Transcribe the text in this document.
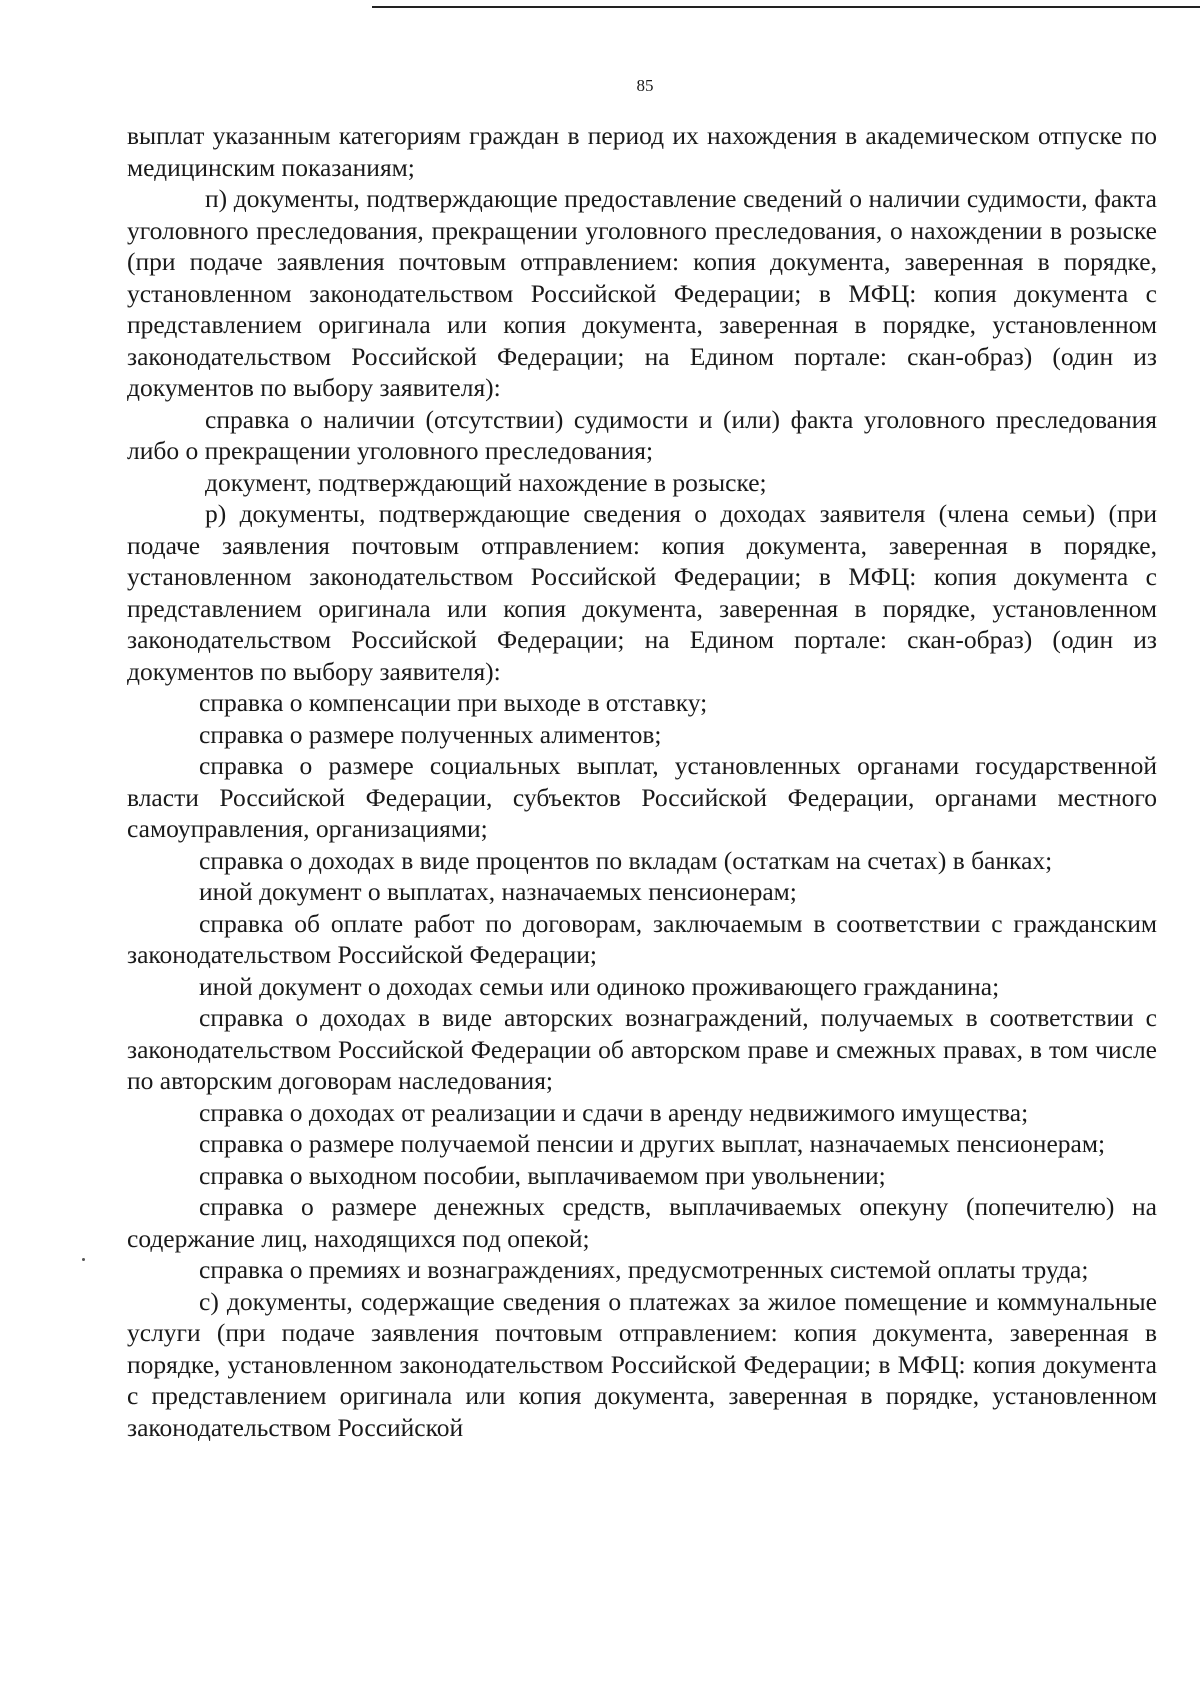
85

выплат указанным категориям граждан в период их нахождения в академическом отпуске по медицинским показаниям;

п) документы, подтверждающие предоставление сведений о наличии судимости, факта уголовного преследования, прекращении уголовного преследования, о нахождении в розыске (при подаче заявления почтовым отправлением: копия документа, заверенная в порядке, установленном законодательством Российской Федерации; в МФЦ: копия документа с представлением оригинала или копия документа, заверенная в порядке, установленном законодательством Российской Федерации; на Едином портале: скан-образ) (один из документов по выбору заявителя):

справка о наличии (отсутствии) судимости и (или) факта уголовного преследования либо о прекращении уголовного преследования;

документ, подтверждающий нахождение в розыске;

р) документы, подтверждающие сведения о доходах заявителя (члена семьи) (при подаче заявления почтовым отправлением: копия документа, заверенная в порядке, установленном законодательством Российской Федерации; в МФЦ: копия документа с представлением оригинала или копия документа, заверенная в порядке, установленном законодательством Российской Федерации; на Едином портале: скан-образ) (один из документов по выбору заявителя):

справка о компенсации при выходе в отставку;

справка о размере полученных алиментов;

справка о размере социальных выплат, установленных органами государственной власти Российской Федерации, субъектов Российской Федерации, органами местного самоуправления, организациями;

справка о доходах в виде процентов по вкладам (остаткам на счетах) в банках;

иной документ о выплатах, назначаемых пенсионерам;

справка об оплате работ по договорам, заключаемым в соответствии с гражданским законодательством Российской Федерации;

иной документ о доходах семьи или одиноко проживающего гражданина;

справка о доходах в виде авторских вознаграждений, получаемых в соответствии с законодательством Российской Федерации об авторском праве и смежных правах, в том числе по авторским договорам наследования;

справка о доходах от реализации и сдачи в аренду недвижимого имущества;

справка о размере получаемой пенсии и других выплат, назначаемых пенсионерам;

справка о выходном пособии, выплачиваемом при увольнении;

справка о размере денежных средств, выплачиваемых опекуну (попечителю) на содержание лиц, находящихся под опекой;

справка о премиях и вознаграждениях, предусмотренных системой оплаты труда;

с) документы, содержащие сведения о платежах за жилое помещение и коммунальные услуги (при подаче заявления почтовым отправлением: копия документа, заверенная в порядке, установленном законодательством Российской Федерации; в МФЦ: копия документа с представлением оригинала или копия документа, заверенная в порядке, установленном законодательством Российской
